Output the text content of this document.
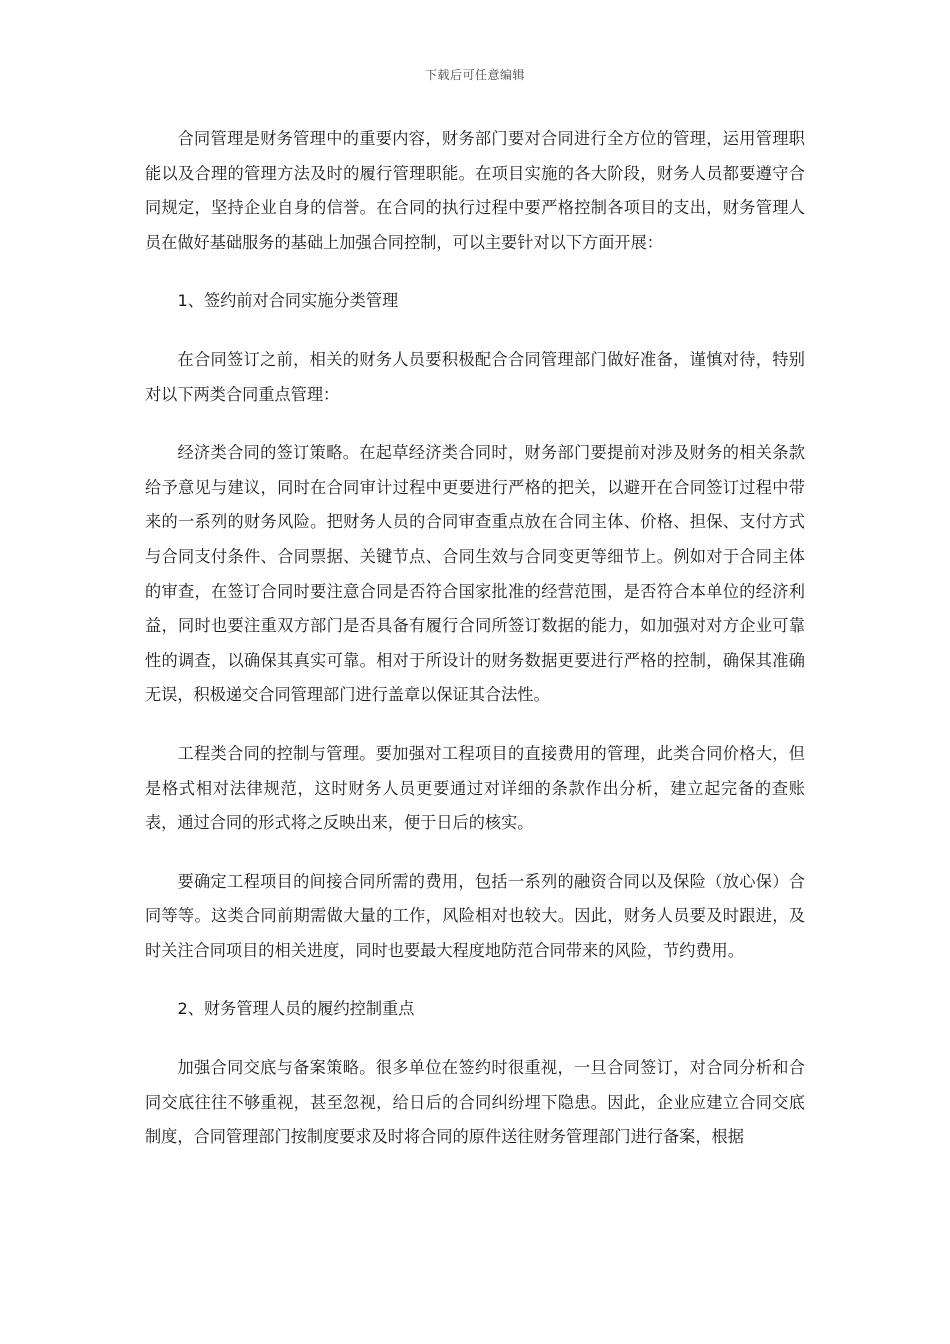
下载后可任意编辑

合同管理是财务管理中的重要内容，财务部门要对合同进行全方位的管理，运用管理职能以及合理的管理方法及时的履行管理职能。在项目实施的各大阶段，财务人员都要遵守合同规定，坚持企业自身的信誉。在合同的执行过程中要严格控制各项目的支出，财务管理人员在做好基础服务的基础上加强合同控制，可以主要针对以下方面开展：

1、签约前对合同实施分类管理

在合同签订之前，相关的财务人员要积极配合合同管理部门做好准备，谨慎对待，特别对以下两类合同重点管理：

经济类合同的签订策略。在起草经济类合同时，财务部门要提前对涉及财务的相关条款给予意见与建议，同时在合同审计过程中更要进行严格的把关，以避开在合同签订过程中带来的一系列的财务风险。把财务人员的合同审查重点放在合同主体、价格、担保、支付方式与合同支付条件、合同票据、关键节点、合同生效与合同变更等细节上。例如对于合同主体的审查，在签订合同时要注意合同是否符合国家批准的经营范围，是否符合本单位的经济利益，同时也要注重双方部门是否具备有履行合同所签订数据的能力，如加强对对方企业可靠性的调查，以确保其真实可靠。相对于所设计的财务数据更要进行严格的控制，确保其准确无误，积极递交合同管理部门进行盖章以保证其合法性。

工程类合同的控制与管理。要加强对工程项目的直接费用的管理，此类合同价格大，但是格式相对法律规范，这时财务人员更要通过对详细的条款作出分析，建立起完备的查账表，通过合同的形式将之反映出来，便于日后的核实。

要确定工程项目的间接合同所需的费用，包括一系列的融资合同以及保险（放心保）合同等等。这类合同前期需做大量的工作，风险相对也较大。因此，财务人员要及时跟进，及时关注合同项目的相关进度，同时也要最大程度地防范合同带来的风险，节约费用。

2、财务管理人员的履约控制重点

加强合同交底与备案策略。很多单位在签约时很重视，一旦合同签订，对合同分析和合同交底往往不够重视，甚至忽视，给日后的合同纠纷埋下隐患。因此，企业应建立合同交底制度，合同管理部门按制度要求及时将合同的原件送往财务管理部门进行备案，根据
